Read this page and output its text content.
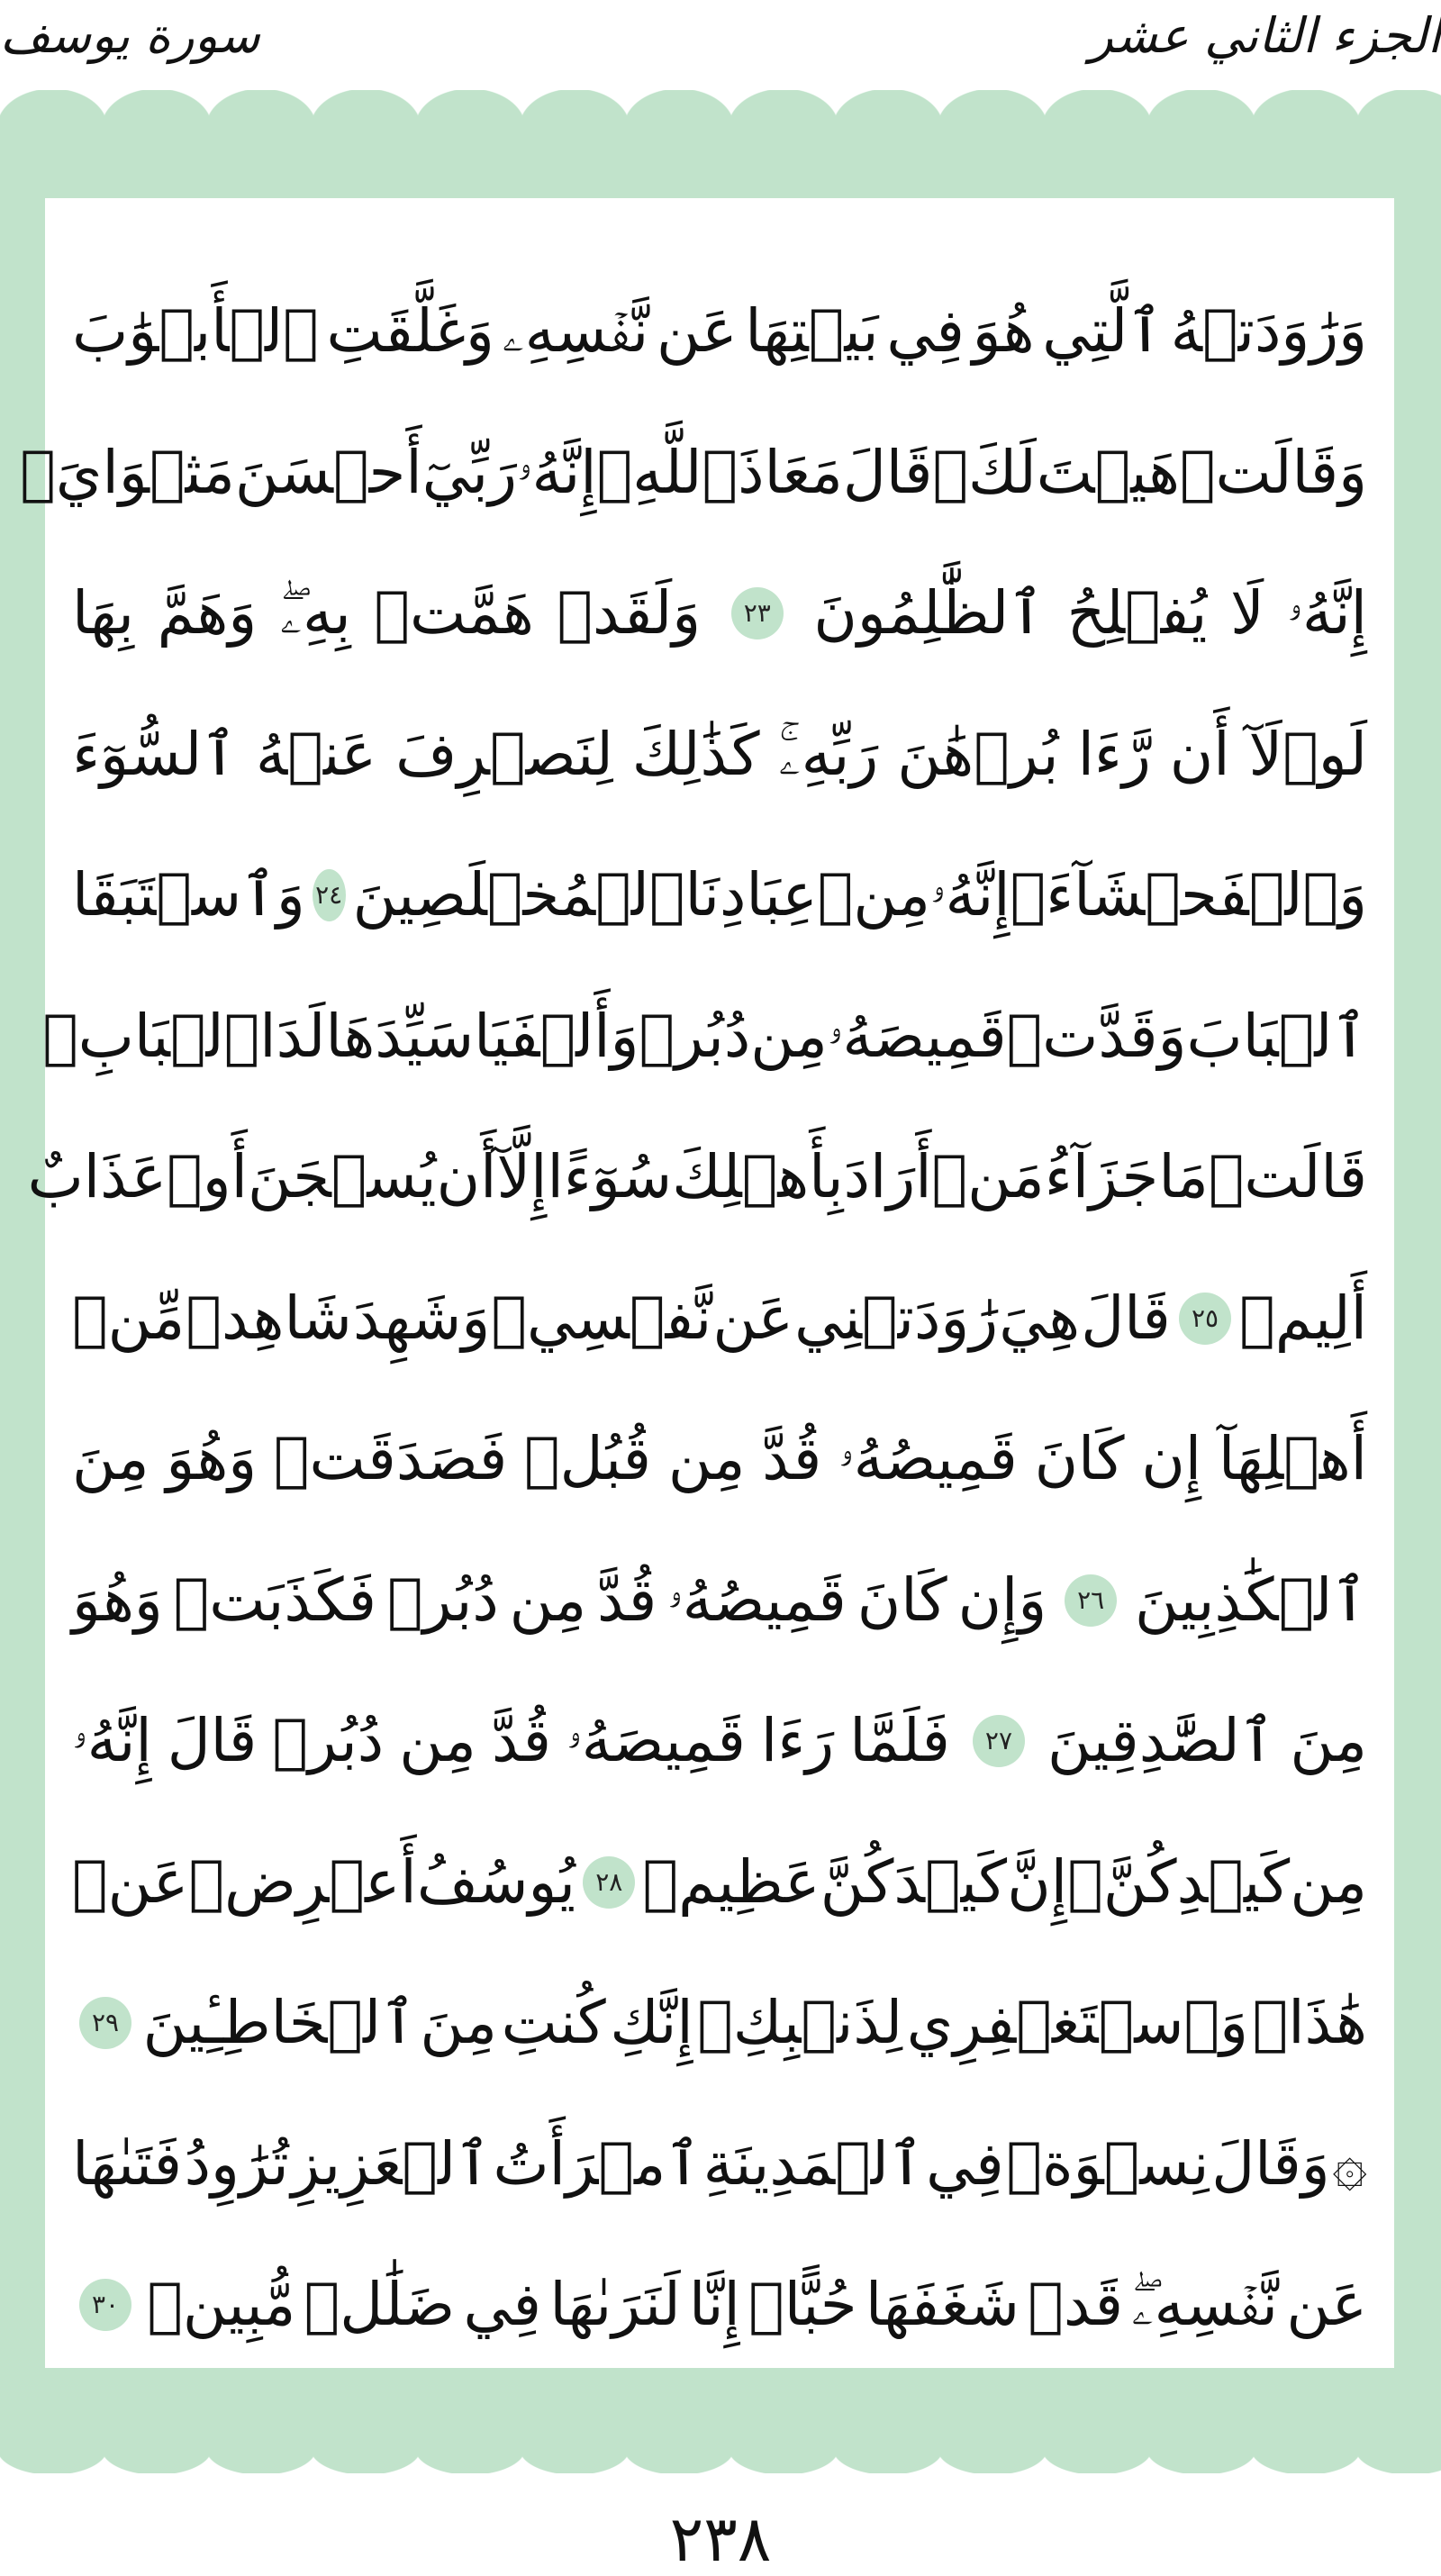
الجزء الثاني عشر
سورة يوسف
وَرَٰوَدَتۡهُ
ٱلَّتِي
هُوَ
فِي
بَيۡتِهَا
عَن
نَّفۡسِهِۦ
وَغَلَّقَتِ
ٱلۡأَبۡوَٰبَ
وَقَالَتۡ
هَيۡتَ
لَكَۚ
قَالَ
مَعَاذَ
ٱللَّهِۖ
إِنَّهُۥ
رَبِّيٓ
أَحۡسَنَ
مَثۡوَايَۖ
إِنَّهُۥ
لَا
يُفۡلِحُ
ٱلظَّٰلِمُونَ
٢٣
وَلَقَدۡ
هَمَّتۡ
بِهِۦۖ
وَهَمَّ
بِهَا
لَوۡلَآ
أَن
رَّءَا
بُرۡهَٰنَ
رَبِّهِۦۚ
كَذَٰلِكَ
لِنَصۡرِفَ
عَنۡهُ
ٱلسُّوٓءَ
وَٱلۡفَحۡشَآءَۚ
إِنَّهُۥ
مِنۡ
عِبَادِنَا
ٱلۡمُخۡلَصِينَ
٢٤
وَٱسۡتَبَقَا
ٱلۡبَابَ
وَقَدَّتۡ
قَمِيصَهُۥ
مِن
دُبُرٖ
وَأَلۡفَيَا
سَيِّدَهَا
لَدَا
ٱلۡبَابِۚ
قَالَتۡ
مَا
جَزَآءُ
مَنۡ
أَرَادَ
بِأَهۡلِكَ
سُوٓءًا
إِلَّآ
أَن
يُسۡجَنَ
أَوۡ
عَذَابٌ
أَلِيمٞ
٢٥
قَالَ
هِيَ
رَٰوَدَتۡنِي
عَن
نَّفۡسِيۚ
وَشَهِدَ
شَاهِدٞ
مِّنۡ
أَهۡلِهَآ
إِن
كَانَ
قَمِيصُهُۥ
قُدَّ
مِن
قُبُلٖ
فَصَدَقَتۡ
وَهُوَ
مِنَ
ٱلۡكَٰذِبِينَ
٢٦
وَإِن
كَانَ
قَمِيصُهُۥ
قُدَّ
مِن
دُبُرٖ
فَكَذَبَتۡ
وَهُوَ
مِنَ
ٱلصَّٰدِقِينَ
٢٧
فَلَمَّا
رَءَا
قَمِيصَهُۥ
قُدَّ
مِن
دُبُرٖ
قَالَ
إِنَّهُۥ
مِن
كَيۡدِكُنَّۖ
إِنَّ
كَيۡدَكُنَّ
عَظِيمٞ
٢٨
يُوسُفُ
أَعۡرِضۡ
عَنۡ
هَٰذَاۚ
وَٱسۡتَغۡفِرِي
لِذَنۢبِكِۖ
إِنَّكِ
كُنتِ
مِنَ
ٱلۡخَاطِـِٔينَ
٢٩
۞
وَقَالَ
نِسۡوَةٞ
فِي
ٱلۡمَدِينَةِ
ٱمۡرَأَتُ
ٱلۡعَزِيزِ
تُرَٰوِدُ
فَتَىٰهَا
عَن
نَّفۡسِهِۦۖ
قَدۡ
شَغَفَهَا
حُبًّاۖ
إِنَّا
لَنَرَىٰهَا
فِي
ضَلَٰلٖ
مُّبِينٖ
٣٠
٢٣٨
